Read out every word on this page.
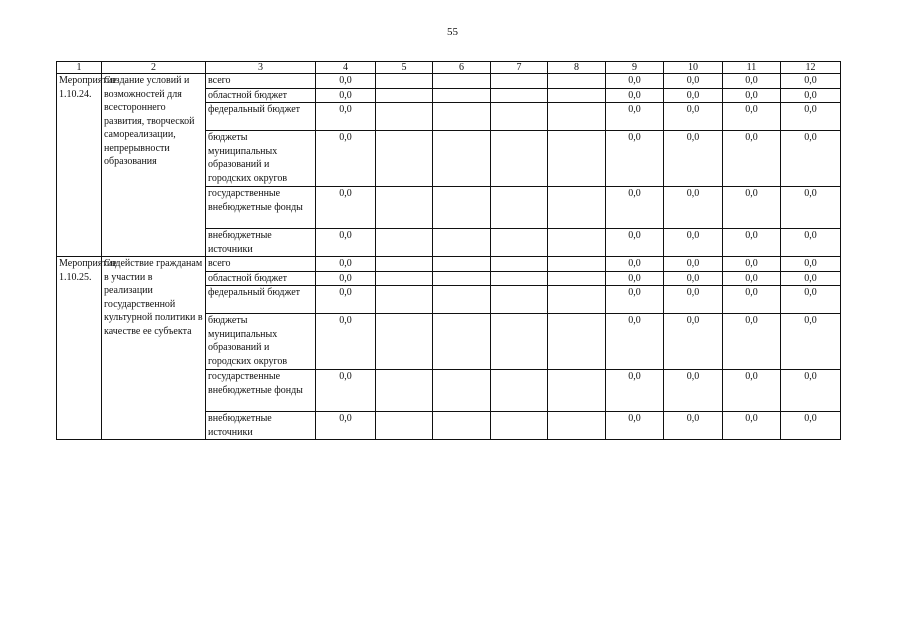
55
1	2	3	4	5	6	7	8	9	10	11	12
Мероприятие 1.10.24.	Создание условий и возможностей для всестороннего развития, творческой самореализации, непрерывности образования	всего	0,0					0,0	0,0	0,0	0,0
		областной бюджет	0,0					0,0	0,0	0,0	0,0
		федеральный бюджет	0,0					0,0	0,0	0,0	0,0
		бюджеты муниципальных образований и городских округов	0,0					0,0	0,0	0,0	0,0
		государственные внебюджетные фонды	0,0					0,0	0,0	0,0	0,0
		внебюджетные источники	0,0					0,0	0,0	0,0	0,0
Мероприятие 1.10.25.	Содействие гражданам в участии в реализации государственной культурной политики в качестве ее субъекта	всего	0,0					0,0	0,0	0,0	0,0
		областной бюджет	0,0					0,0	0,0	0,0	0,0
		федеральный бюджет	0,0					0,0	0,0	0,0	0,0
		бюджеты муниципальных образований и городских округов	0,0					0,0	0,0	0,0	0,0
		государственные внебюджетные фонды	0,0					0,0	0,0	0,0	0,0
		внебюджетные источники	0,0					0,0	0,0	0,0	0,0
